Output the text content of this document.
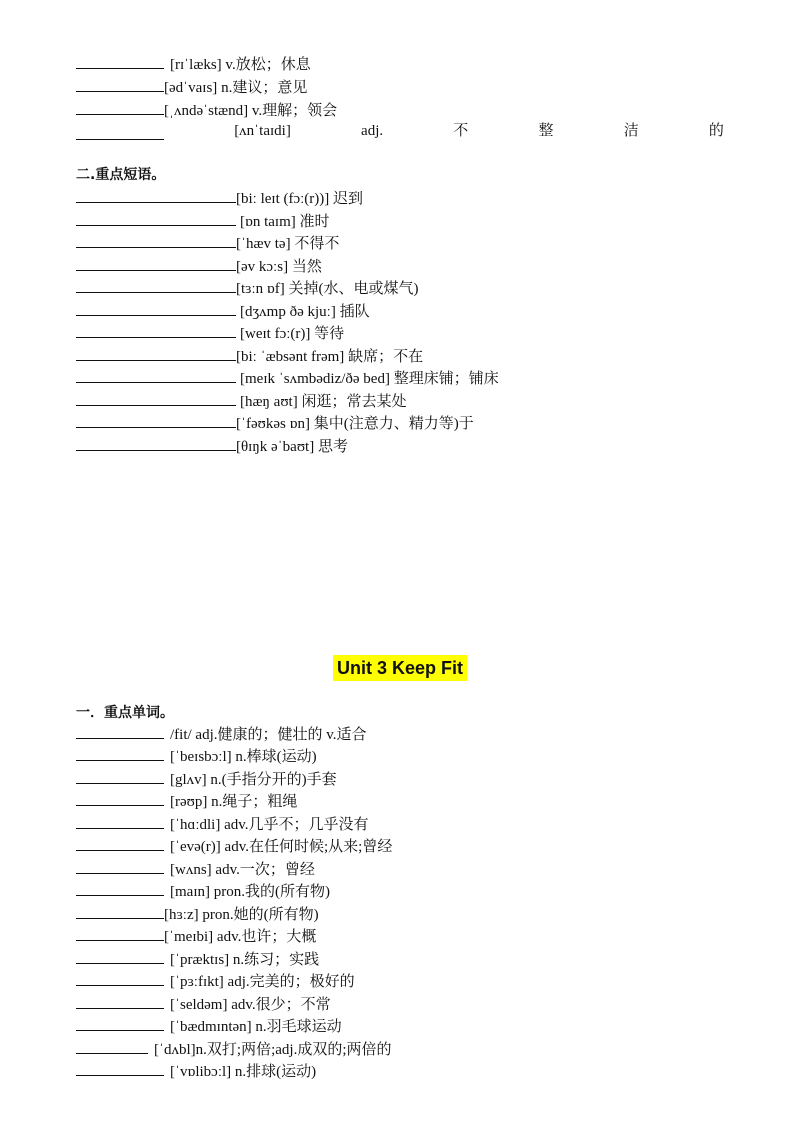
[rɪˈlæks] v.放松；休息
[ədˈvaɪs] n.建议；意见
[ˌʌndəˈstænd] v.理解；领会
[ʌnˈtaɪdi]	adj.	不	整	洁	的
二.重点短语。
[biː leɪt (fɔː(r))] 迟到
[ɒn taɪm] 准时
[ˈhæv tə] 不得不
[əv kɔːs] 当然
[tɜːn ɒf] 关掉(水、电或煤气)
[dʒʌmp ðə kjuː] 插队
[weɪt fɔː(r)] 等待
[biː ˈæbsənt frəm] 缺席；不在
[meɪk ˈsʌmbədiz/ðə bed] 整理床铺；铺床
[hæŋ aʊt] 闲逛；常去某处
[ˈfəʊkəs ɒn] 集中(注意力、精力等)于
[θɪŋk əˈbaʊt] 思考
Unit 3 Keep Fit
一．重点单词。
/fit/ adj.健康的；健壮的 v.适合
[ˈbeɪsbɔːl] n.棒球(运动)
[glʌv] n.(手指分开的)手套
[rəʊp] n.绳子；粗绳
[ˈhɑːdli] adv.几乎不；几乎没有
[ˈevə(r)] adv.在任何时候;从来;曾经
[wʌns] adv.一次；曾经
[maɪn] pron.我的(所有物)
[hɜːz] pron.她的(所有物)
[ˈmeɪbi] adv.也许；大概
[ˈpræktɪs] n.练习；实践
[ˈpɜːfɪkt] adj.完美的；极好的
[ˈseldəm] adv.很少；不常
[ˈbædmɪntən] n.羽毛球运动
[ˈdʌbl]n.双打;两倍;adj.成双的;两倍的
[ˈvɒlibɔːl] n.排球(运动)
